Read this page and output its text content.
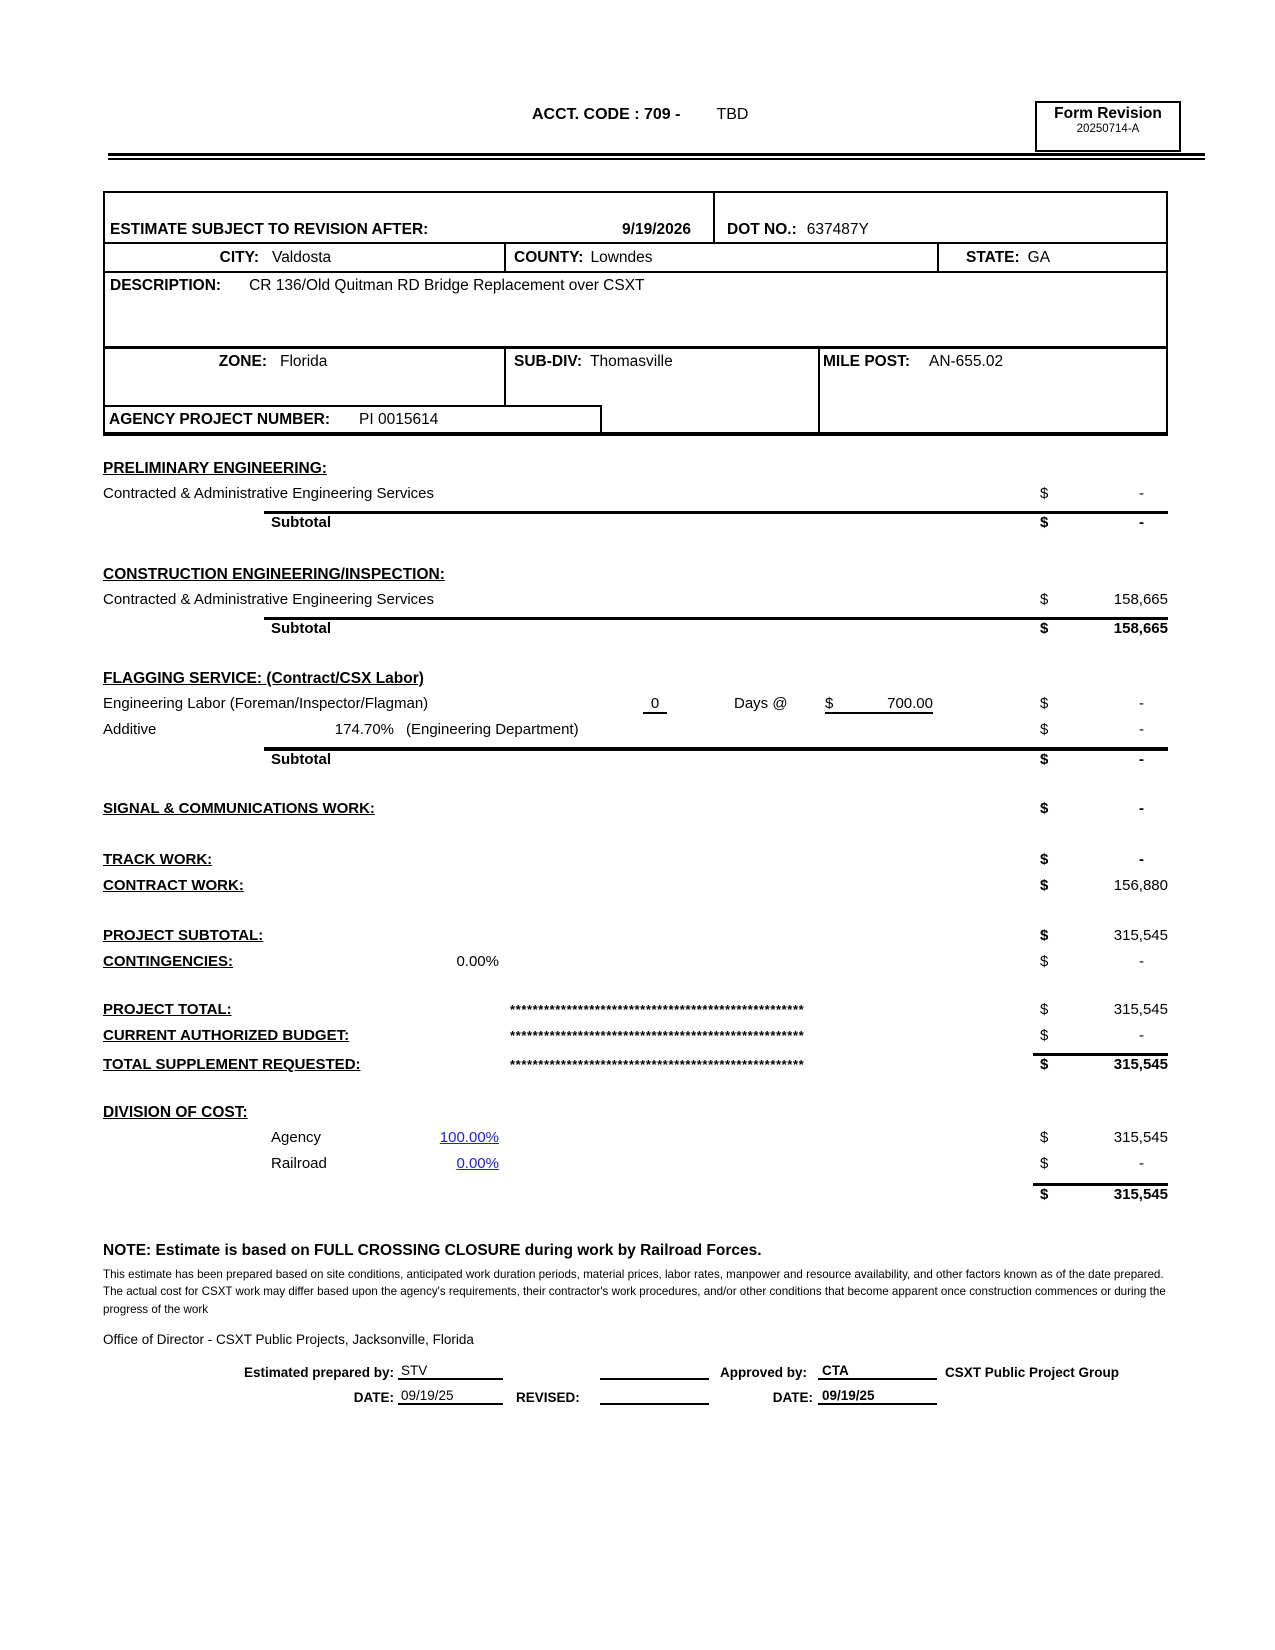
ACCT. CODE : 709 - TBD	Form Revision
20250714-A
ESTIMATE SUBJECT TO REVISION AFTER:	9/19/2026	DOT NO.: 637487Y
CITY: Valdosta	COUNTY: Lowndes	STATE: GA
DESCRIPTION: CR 136/Old Quitman RD Bridge Replacement over CSXT
ZONE: Florida	SUB-DIV: Thomasville	MILE POST: AN-655.02
AGENCY PROJECT NUMBER: PI 0015614
PRELIMINARY ENGINEERING:
Contracted & Administrative Engineering Services	$	-
Subtotal	$	-
CONSTRUCTION ENGINEERING/INSPECTION:
Contracted & Administrative Engineering Services	$	158,665
Subtotal	$	158,665
FLAGGING SERVICE: (Contract/CSX Labor)
Engineering Labor (Foreman/Inspector/Flagman)	0	Days @	$	700.00	$	-
Additive	174.70% (Engineering Department)	$	-
Subtotal	$	-
SIGNAL & COMMUNICATIONS WORK:	$	-
TRACK WORK:	$	-
CONTRACT WORK:	$	156,880
PROJECT SUBTOTAL:	$	315,545
CONTINGENCIES:	0.00%	$	-
PROJECT TOTAL:	****************************************************	$	315,545
CURRENT AUTHORIZED BUDGET:	****************************************************	$	-
TOTAL SUPPLEMENT REQUESTED:	****************************************************	$	315,545
DIVISION OF COST:
Agency	100.00%	$	315,545
Railroad	0.00%	$	-
$	315,545
NOTE: Estimate is based on FULL CROSSING CLOSURE during work by Railroad Forces.
This estimate has been prepared based on site conditions, anticipated work duration periods, material prices, labor rates, manpower and resource availability, and other factors known as of the date prepared. The actual cost for CSXT work may differ based upon the agency's requirements, their contractor's work procedures, and/or other conditions that become apparent once construction commences or during the progress of the work
Office of Director - CSXT Public Projects, Jacksonville, Florida
Estimated prepared by: STV	Approved by:	CTA	CSXT Public Project Group
DATE: 09/19/25	REVISED:	DATE: 09/19/25
